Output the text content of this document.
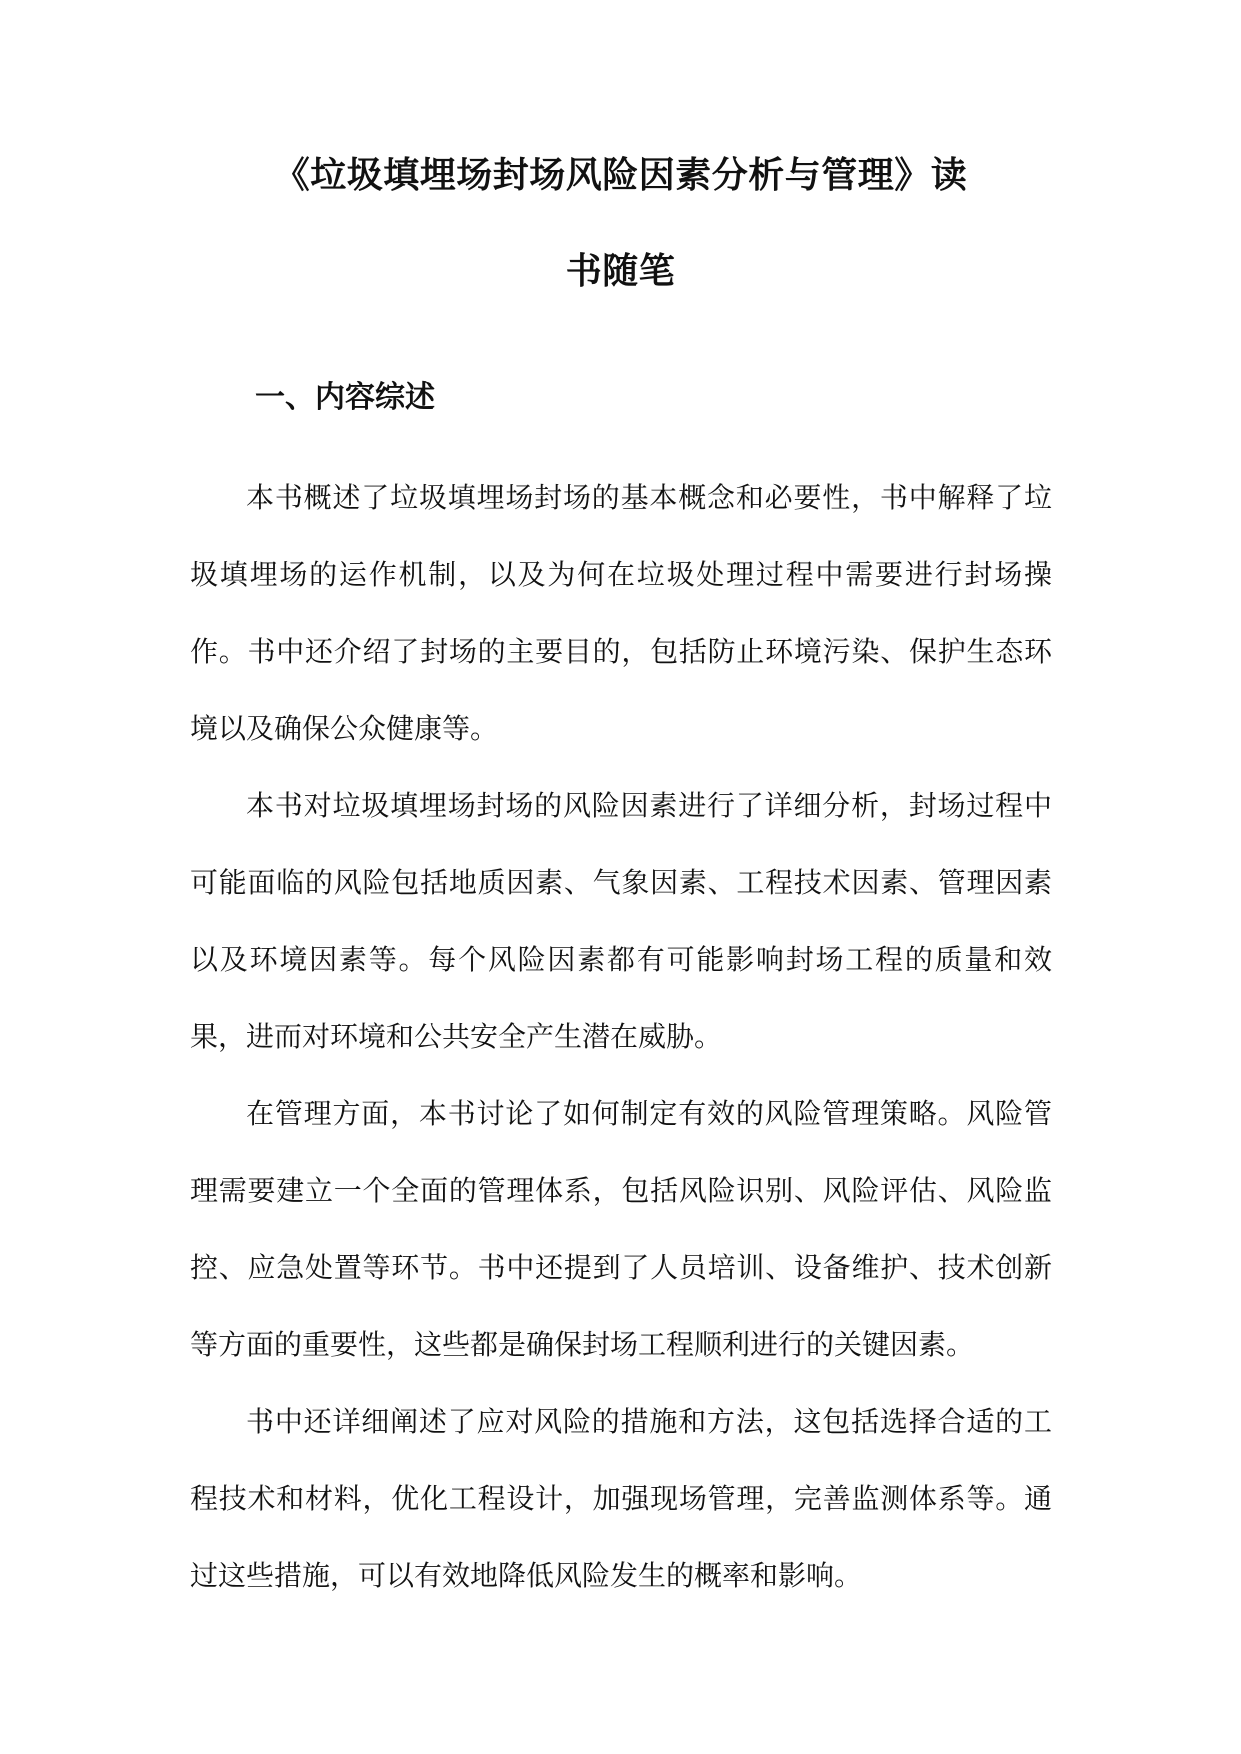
《垃圾填埋场封场风险因素分析与管理》读
书随笔
一、内容综述

本书概述了垃圾填埋场封场的基本概念和必要性，书中解释了垃圾填埋场的运作机制，以及为何在垃圾处理过程中需要进行封场操作。书中还介绍了封场的主要目的，包括防止环境污染、保护生态环境以及确保公众健康等。

本书对垃圾填埋场封场的风险因素进行了详细分析，封场过程中可能面临的风险包括地质因素、气象因素、工程技术因素、管理因素以及环境因素等。每个风险因素都有可能影响封场工程的质量和效果，进而对环境和公共安全产生潜在威胁。

在管理方面，本书讨论了如何制定有效的风险管理策略。风险管理需要建立一个全面的管理体系，包括风险识别、风险评估、风险监控、应急处置等环节。书中还提到了人员培训、设备维护、技术创新等方面的重要性，这些都是确保封场工程顺利进行的关键因素。

书中还详细阐述了应对风险的措施和方法，这包括选择合适的工程技术和材料，优化工程设计，加强现场管理，完善监测体系等。通过这些措施，可以有效地降低风险发生的概率和影响。
